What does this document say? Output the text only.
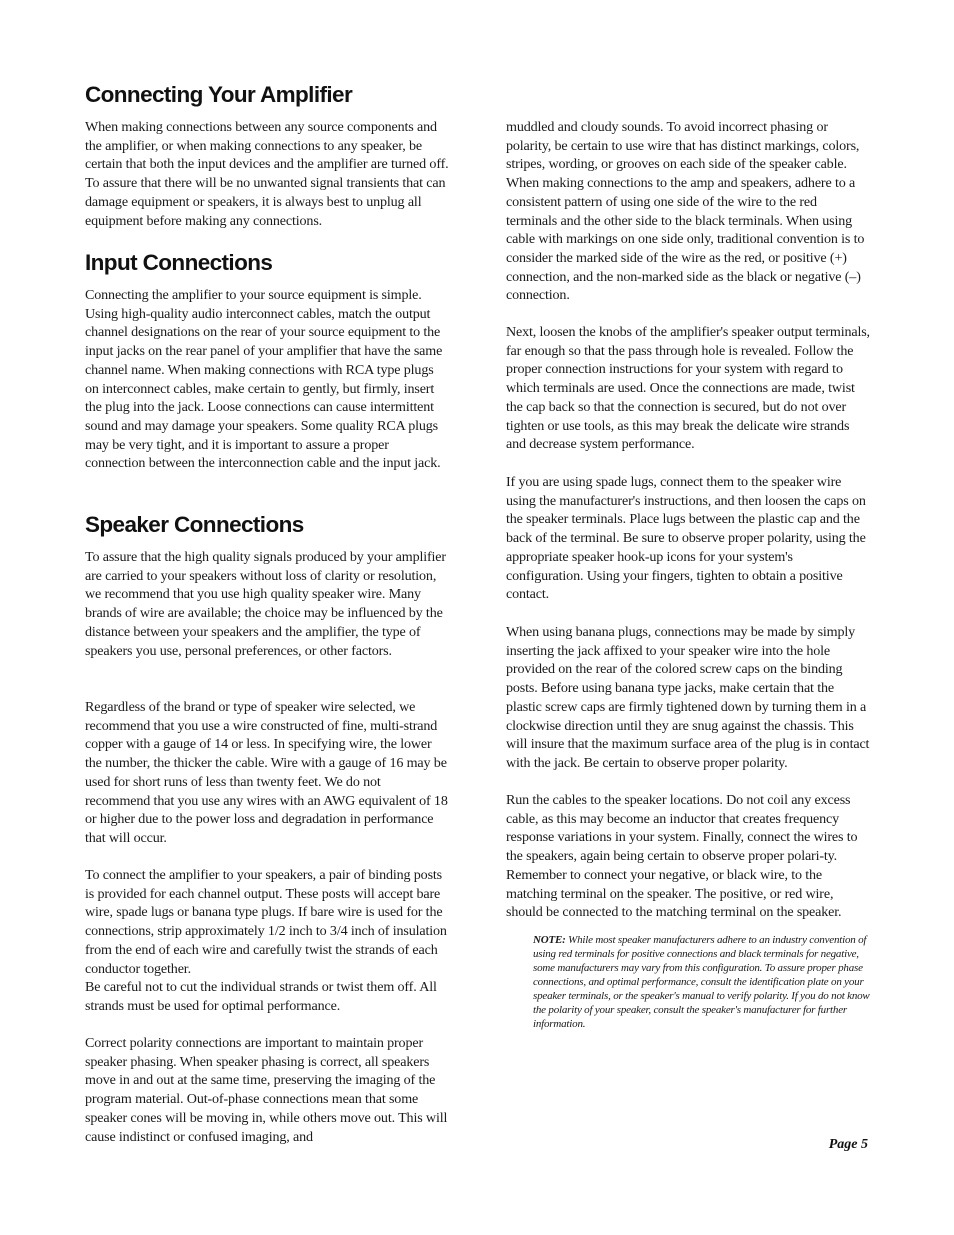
Connecting Your Amplifier

When making connections between any source components and the amplifier, or when making connections to any speaker, be certain that both the input devices and the amplifier are turned off. To assure that there will be no unwanted signal transients that can damage equipment or speakers, it is always best to unplug all equipment before making any connections.

Input Connections

Connecting the amplifier to your source equipment is simple. Using high-quality audio interconnect cables, match the output channel designations on the rear of your source equipment to the input jacks on the rear panel of your amplifier that have the same channel name. When making connections with RCA type plugs on interconnect cables, make certain to gently, but firmly, insert the plug into the jack. Loose connections can cause intermittent sound and may damage your speakers. Some quality RCA plugs may be very tight, and it is important to assure a proper connection between the interconnection cable and the input jack.

Speaker Connections

To assure that the high quality signals produced by your amplifier are carried to your speakers without loss of clarity or resolution, we recommend that you use high quality speaker wire. Many brands of wire are available; the choice may be influenced by the distance between your speakers and the amplifier, the type of speakers you use, personal preferences, or other factors.

Regardless of the brand or type of speaker wire selected, we recommend that you use a wire constructed of fine, multi-strand copper with a gauge of 14 or less. In specifying wire, the lower the number, the thicker the cable. Wire with a gauge of 16 may be used for short runs of less than twenty feet. We do not recommend that you use any wires with an AWG equivalent of 18 or higher due to the power loss and degradation in performance that will occur.

To connect the amplifier to your speakers, a pair of binding posts is provided for each channel output. These posts will accept bare wire, spade lugs or banana type plugs. If bare wire is used for the connections, strip approximately 1/2 inch to 3/4 inch of insulation from the end of each wire and carefully twist the strands of each conductor together.

Be careful not to cut the individual strands or twist them off. All strands must be used for optimal performance.

Correct polarity connections are important to maintain proper speaker phasing. When speaker phasing is correct, all speakers move in and out at the same time, preserving the imaging of the program material. Out-of-phase connections mean that some speaker cones will be moving in, while others move out. This will cause indistinct or confused imaging, and

muddled and cloudy sounds. To avoid incorrect phasing or polarity, be certain to use wire that has distinct markings, colors, stripes, wording, or grooves on each side of the speaker cable. When making connections to the amp and speakers, adhere to a consistent pattern of using one side of the wire to the red terminals and the other side to the black terminals. When using cable with markings on one side only, traditional convention is to consider the marked side of the wire as the red, or positive (+) connection, and the non-marked side as the black or negative (–) connection.

Next, loosen the knobs of the amplifier's speaker output terminals, far enough so that the pass through hole is revealed. Follow the proper connection instructions for your system with regard to which terminals are used. Once the connections are made, twist the cap back so that the connection is secured, but do not over tighten or use tools, as this may break the delicate wire strands and decrease system performance.

If you are using spade lugs, connect them to the speaker wire using the manufacturer's instructions, and then loosen the caps on the speaker terminals. Place lugs between the plastic cap and the back of the terminal. Be sure to observe proper polarity, using the appropriate speaker hook-up icons for your system's configuration. Using your fingers, tighten to obtain a positive contact.

When using banana plugs, connections may be made by simply inserting the jack affixed to your speaker wire into the hole provided on the rear of the colored screw caps on the binding posts. Before using banana type jacks, make certain that the plastic screw caps are firmly tightened down by turning them in a clockwise direction until they are snug against the chassis. This will insure that the maximum surface area of the plug is in contact with the jack. Be certain to observe proper polarity.

Run the cables to the speaker locations. Do not coil any excess cable, as this may become an inductor that creates frequency response variations in your system. Finally, connect the wires to the speakers, again being certain to observe proper polari-ty. Remember to connect your negative, or black wire, to the matching terminal on the speaker. The positive, or red wire, should be connected to the matching terminal on the speaker.

NOTE: While most speaker manufacturers adhere to an industry convention of using red terminals for positive connections and black terminals for negative, some manufacturers may vary from this configuration. To assure proper phase connections, and optimal performance, consult the identification plate on your speaker terminals, or the speaker's manual to verify polarity. If you do not know the polarity of your speaker, consult the speaker's manufacturer for further information.

Page 5
